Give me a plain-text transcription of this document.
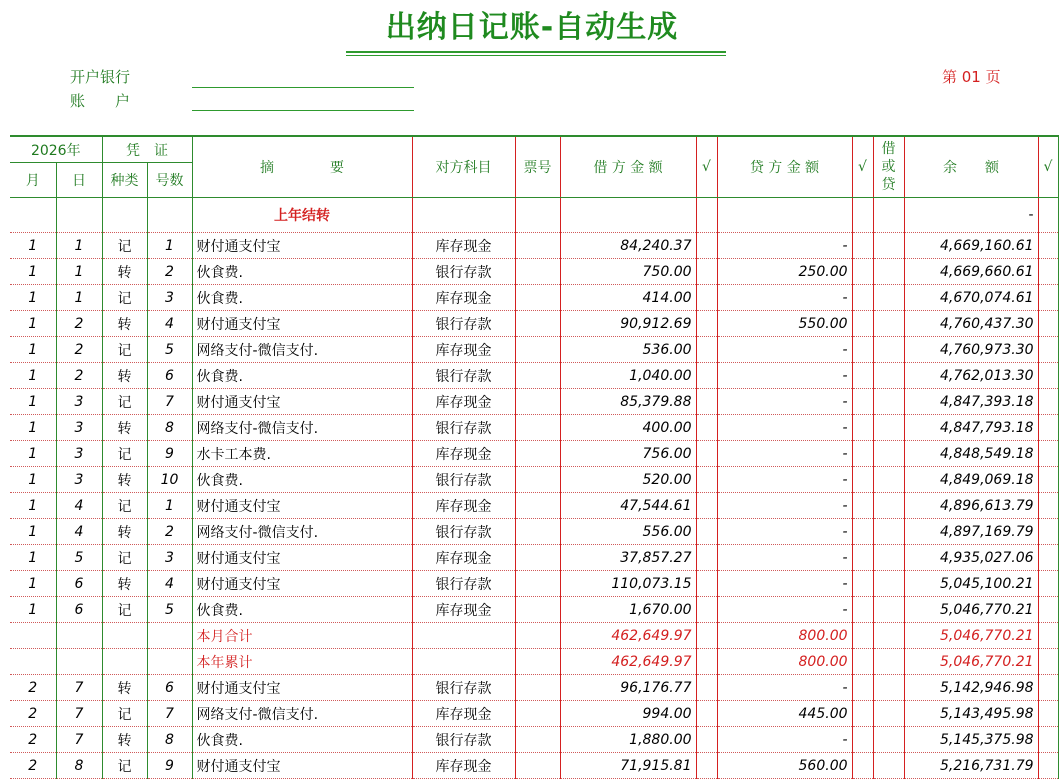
出纳日记账-自动生成
开户银行
账　　户
第 01 页
2026年		凭　证		摘　　　　要	对方科目	票号	借 方 金 额	√	贷 方 金 额	√	借或贷	余　　额	√
月	日	种类	号数										
				上年结转								-	
1	1	记	1	财付通支付宝	库存现金		84,240.37		-			4,669,160.61	
1	1	转	2	伙食费.	银行存款		750.00		250.00			4,669,660.61	
1	1	记	3	伙食费.	库存现金		414.00		-			4,670,074.61	
1	2	转	4	财付通支付宝	银行存款		90,912.69		550.00			4,760,437.30	
1	2	记	5	网络支付-微信支付.	库存现金		536.00		-			4,760,973.30	
1	2	转	6	伙食费.	银行存款		1,040.00		-			4,762,013.30	
1	3	记	7	财付通支付宝	库存现金		85,379.88		-			4,847,393.18	
1	3	转	8	网络支付-微信支付.	银行存款		400.00		-			4,847,793.18	
1	3	记	9	水卡工本费.	库存现金		756.00		-			4,848,549.18	
1	3	转	10	伙食费.	银行存款		520.00		-			4,849,069.18	
1	4	记	1	财付通支付宝	库存现金		47,544.61		-			4,896,613.79	
1	4	转	2	网络支付-微信支付.	银行存款		556.00		-			4,897,169.79	
1	5	记	3	财付通支付宝	库存现金		37,857.27		-			4,935,027.06	
1	6	转	4	财付通支付宝	银行存款		110,073.15		-			5,045,100.21	
1	6	记	5	伙食费.	库存现金		1,670.00		-			5,046,770.21	
				本月合计			462,649.97		800.00			5,046,770.21	
				本年累计			462,649.97		800.00			5,046,770.21	
2	7	转	6	财付通支付宝	银行存款		96,176.77		-			5,142,946.98	
2	7	记	7	网络支付-微信支付.	库存现金		994.00		445.00			5,143,495.98	
2	7	转	8	伙食费.	银行存款		1,880.00		-			5,145,375.98	
2	8	记	9	财付通支付宝	库存现金		71,915.81		560.00			5,216,731.79	
